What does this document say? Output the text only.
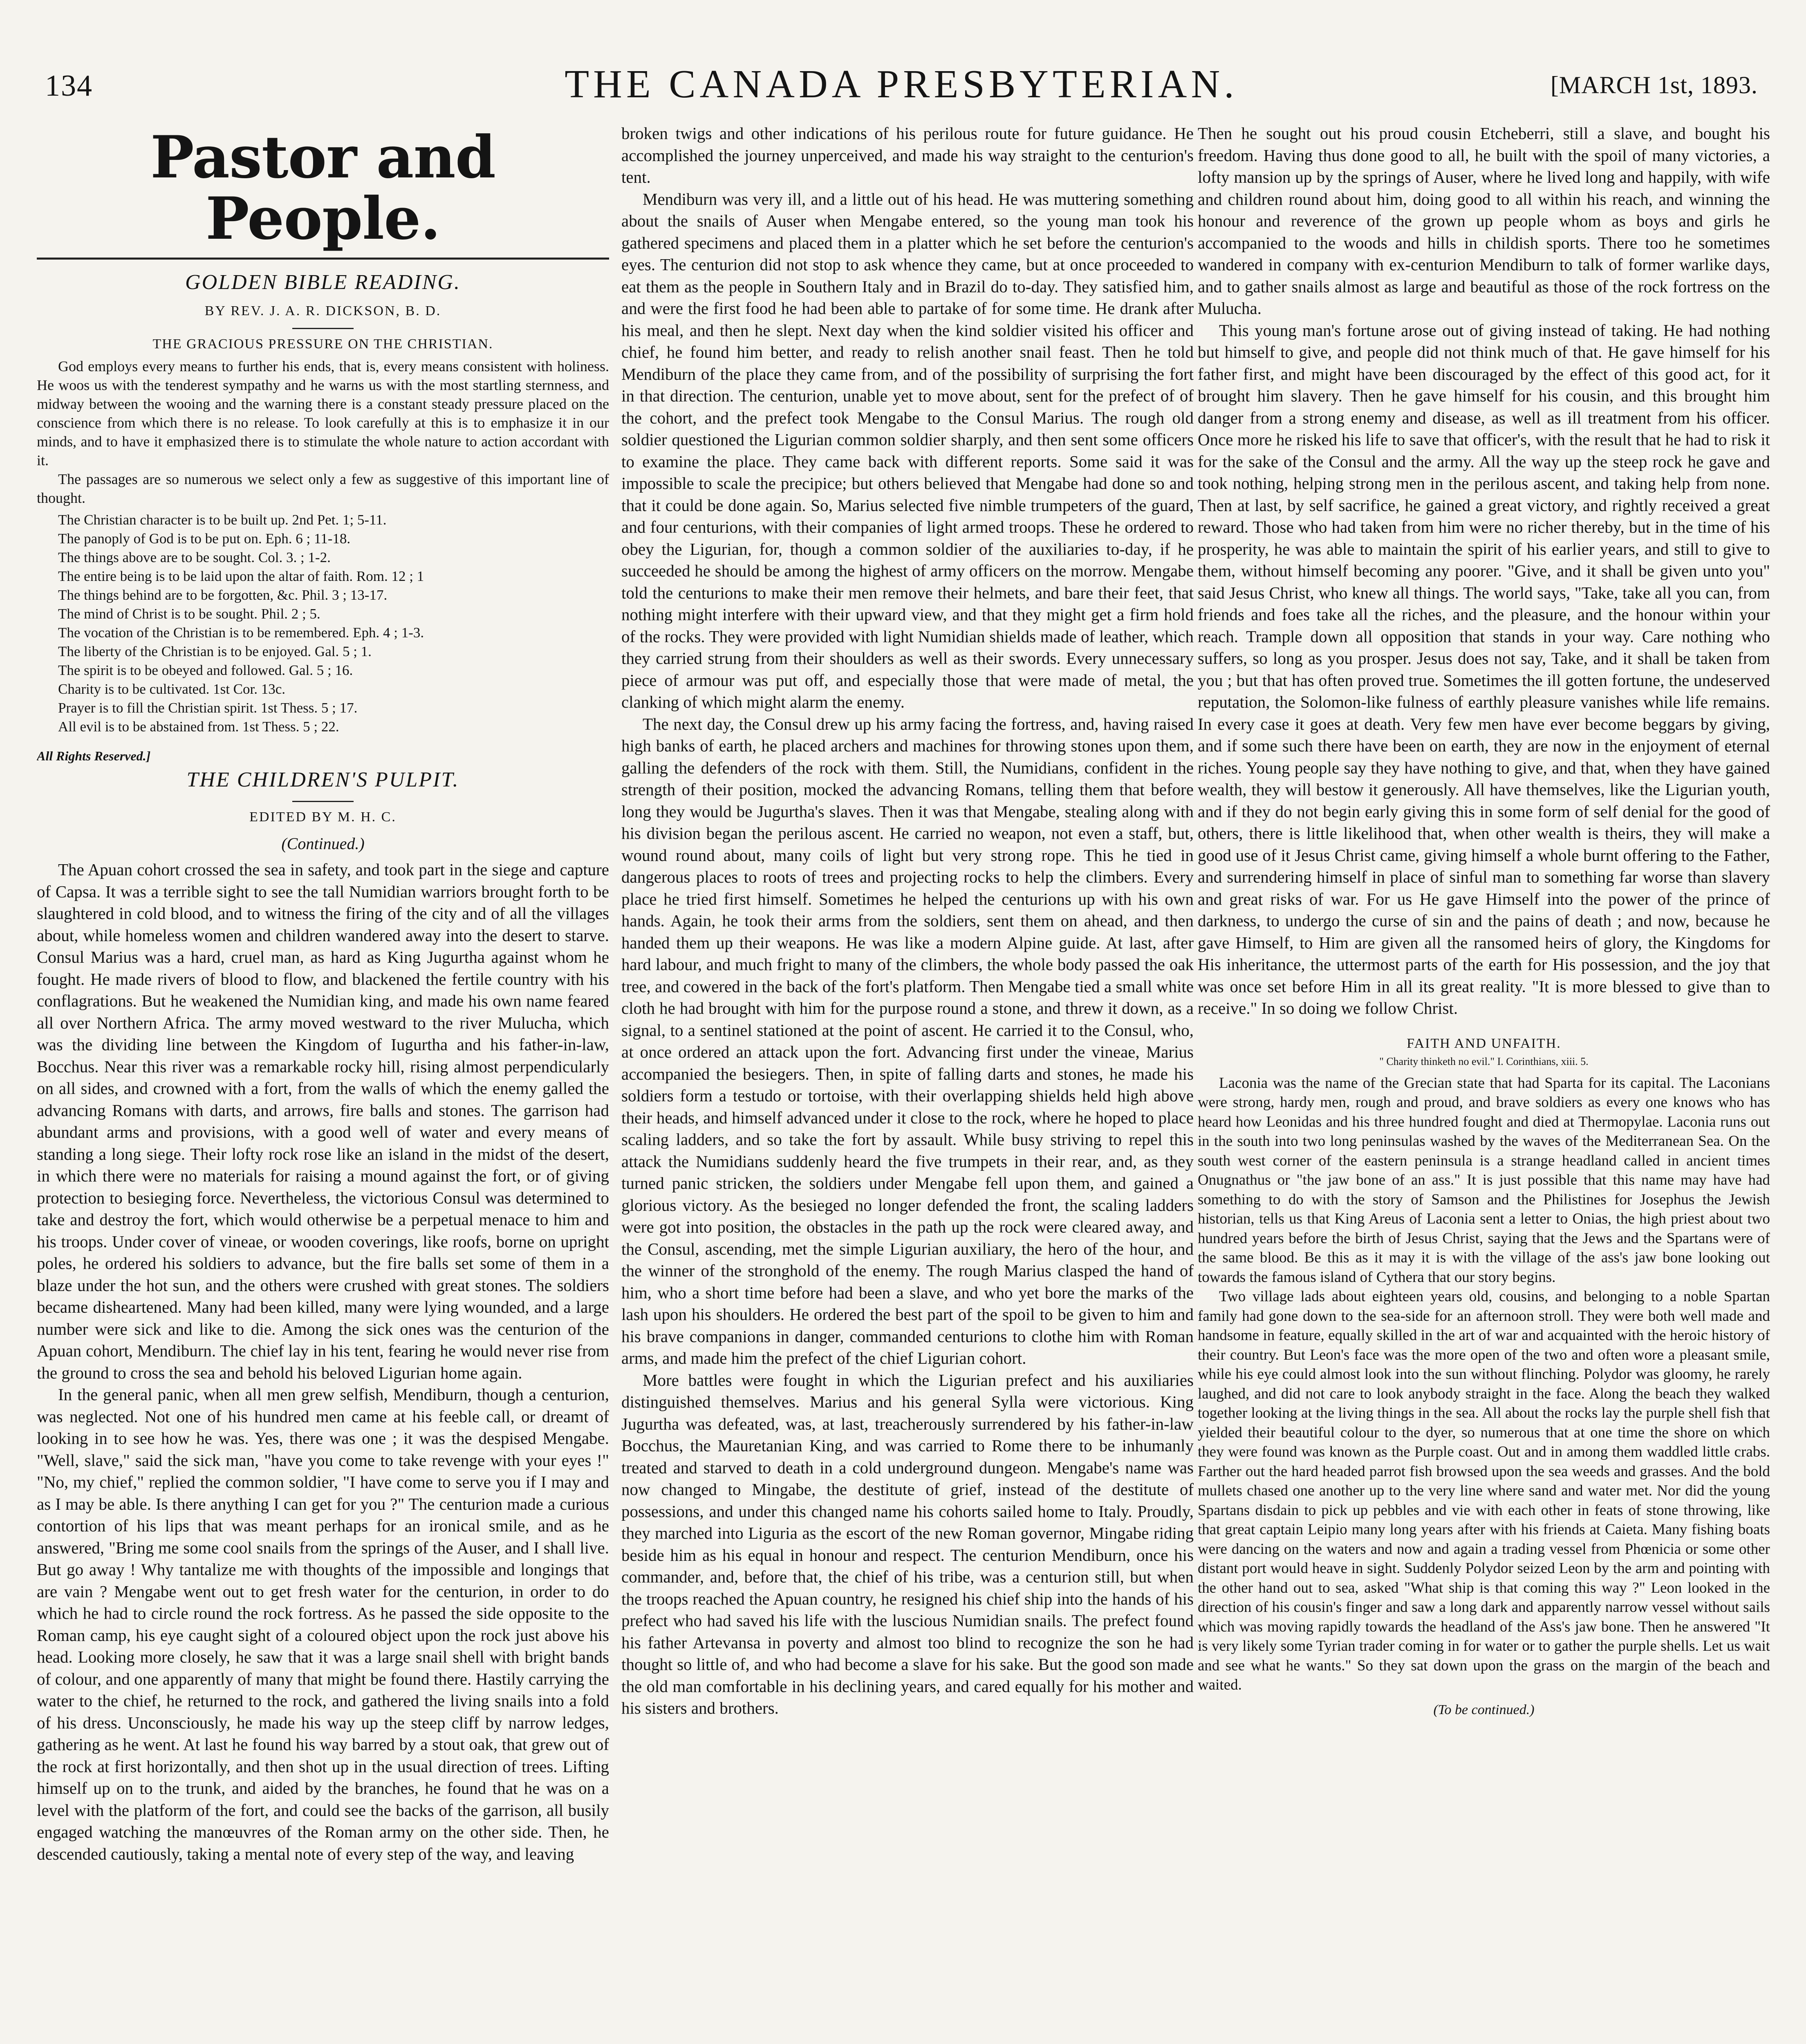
134	THE CANADA PRESBYTERIAN.	[MARCH 1st, 1893.
Pastor and People.
GOLDEN BIBLE READING.
BY REV. J. A. R. DICKSON, B. D.
THE GRACIOUS PRESSURE ON THE CHRISTIAN.

God employs every means to further his ends, that is, every means consistent with holiness. He woos us with the tenderest sympathy and he warns us with the most startling sternness, and midway between the wooing and the warning there is a constant steady pressure placed on the conscience from which there is no release. To look carefully at this is to emphasize it in our minds, and to have it emphasized there is to stimulate the whole nature to action accordant with it.

The passages are so numerous we select only a few as suggestive of this important line of thought.

The Christian character is to be built up. 2nd Pet. 1; 5-11.
The panoply of God is to be put on. Eph. 6 ; 11-18.
The things above are to be sought. Col. 3. ; 1-2.
The entire being is to be laid upon the altar of faith. Rom. 12 ; 1
The things behind are to be forgotten, &c. Phil. 3 ; 13-17.
The mind of Christ is to be sought. Phil. 2 ; 5.
The vocation of the Christian is to be remembered. Eph. 4 ; 1-3.
The liberty of the Christian is to be enjoyed. Gal. 5 ; 1.
The spirit is to be obeyed and followed. Gal. 5 ; 16.
Charity is to be cultivated. 1st Cor. 13c.
Prayer is to fill the Christian spirit. 1st Thess. 5 ; 17.
All evil is to be abstained from. 1st Thess. 5 ; 22.
All Rights Reserved.]
THE CHILDREN'S PULPIT.
EDITED BY M. H. C.
(Continued.)

The Apuan cohort crossed the sea in safety, and took part in the siege and capture of Capsa. It was a terrible sight to see the tall Numidian warriors brought forth to be slaughtered in cold blood, and to witness the firing of the city and of all the villages about, while homeless women and children wandered away into the desert to starve. Consul Marius was a hard, cruel man, as hard as King Jugurtha against whom he fought. He made rivers of blood to flow, and blackened the fertile country with his conflagrations. But he weakened the Numidian king, and made his own name feared all over Northern Africa. The army moved westward to the river Mulucha, which was the dividing line between the Kingdom of Iugurtha and his father-in-law, Bocchus. Near this river was a remarkable rocky hill, rising almost perpendicularly on all sides, and crowned with a fort, from the walls of which the enemy galled the advancing Romans with darts, and arrows, fire balls and stones. The garrison had abundant arms and provisions, with a good well of water and every means of standing a long siege. Their lofty rock rose like an island in the midst of the desert, in which there were no materials for raising a mound against the fort, or of giving protection to besieging force. Nevertheless, the victorious Consul was determined to take and destroy the fort, which would otherwise be a perpetual menace to him and his troops. Under cover of vineae, or wooden coverings, like roofs, borne on upright poles, he ordered his soldiers to advance, but the fire balls set some of them in a blaze under the hot sun, and the others were crushed with great stones. The soldiers became disheartened. Many had been killed, many were lying wounded, and a large number were sick and like to die. Among the sick ones was the centurion of the Apuan cohort, Mendiburn. The chief lay in his tent, fearing he would never rise from the ground to cross the sea and behold his beloved Ligurian home again.

In the general panic, when all men grew selfish, Mendiburn, though a centurion, was neglected. Not one of his hundred men came at his feeble call, or dreamt of looking in to see how he was. Yes, there was one ; it was the despised Mengabe. "Well, slave," said the sick man, "have you come to take revenge with your eyes !" "No, my chief," replied the common soldier, "I have come to serve you if I may and as I may be able. Is there anything I can get for you ?" The centurion made a curious contortion of his lips that was meant perhaps for an ironical smile, and as he answered, "Bring me some cool snails from the springs of the Auser, and I shall live. But go away ! Why tantalize me with thoughts of the impossible and longings that are vain ? Mengabe went out to get fresh water for the centurion, in order to do which he had to circle round the rock fortress. As he passed the side opposite to the Roman camp, his eye caught sight of a coloured object upon the rock just above his head. Looking more closely, he saw that it was a large snail shell with bright bands of colour, and one apparently of many that might be found there. Hastily carrying the water to the chief, he returned to the rock, and gathered the living snails into a fold of his dress. Unconsciously, he made his way up the steep cliff by narrow ledges, gathering as he went. At last he found his way barred by a stout oak, that grew out of the rock at first horizontally, and then shot up in the usual direction of trees. Lifting himself up on to the trunk, and aided by the branches, he found that he was on a level with the platform of the fort, and could see the backs of the garrison, all busily engaged watching the manœuvres of the Roman army on the other side. Then, he descended cautiously, taking a mental note of every step of the way, and leaving

broken twigs and other indications of his perilous route for future guidance. He accomplished the journey unperceived, and made his way straight to the centurion's tent.

Mendiburn was very ill, and a little out of his head. He was muttering something about the snails of Auser when Mengabe entered, so the young man took his gathered specimens and placed them in a platter which he set before the centurion's eyes. The centurion did not stop to ask whence they came, but at once proceeded to eat them as the people in Southern Italy and in Brazil do to-day. They satisfied him, and were the first food he had been able to partake of for some time. He drank after his meal, and then he slept. Next day when the kind soldier visited his officer and chief, he found him better, and ready to relish another snail feast. Then he told Mendiburn of the place they came from, and of the possibility of surprising the fort in that direction. The centurion, unable yet to move about, sent for the prefect of of the cohort, and the prefect took Mengabe to the Consul Marius. The rough old soldier questioned the Ligurian common soldier sharply, and then sent some officers to examine the place. They came back with different reports. Some said it was impossible to scale the precipice; but others believed that Mengabe had done so and that it could be done again. So, Marius selected five nimble trumpeters of the guard, and four centurions, with their companies of light armed troops. These he ordered to obey the Ligurian, for, though a common soldier of the auxiliaries to-day, if he succeeded he should be among the highest of army officers on the morrow. Mengabe told the centurions to make their men remove their helmets, and bare their feet, that nothing might interfere with their upward view, and that they might get a firm hold of the rocks. They were provided with light Numidian shields made of leather, which they carried strung from their shoulders as well as their swords. Every unnecessary piece of armour was put off, and especially those that were made of metal, the clanking of which might alarm the enemy.

The next day, the Consul drew up his army facing the fortress, and, having raised high banks of earth, he placed archers and machines for throwing stones upon them, galling the defenders of the rock with them. Still, the Numidians, confident in the strength of their position, mocked the advancing Romans, telling them that before long they would be Jugurtha's slaves. Then it was that Mengabe, stealing along with his division began the perilous ascent. He carried no weapon, not even a staff, but, wound round about, many coils of light but very strong rope. This he tied in dangerous places to roots of trees and projecting rocks to help the climbers. Every place he tried first himself. Sometimes he helped the centurions up with his own hands. Again, he took their arms from the soldiers, sent them on ahead, and then handed them up their weapons. He was like a modern Alpine guide. At last, after hard labour, and much fright to many of the climbers, the whole body passed the oak tree, and cowered in the back of the fort's platform. Then Mengabe tied a small white cloth he had brought with him for the purpose round a stone, and threw it down, as a signal, to a sentinel stationed at the point of ascent. He carried it to the Consul, who, at once ordered an attack upon the fort. Advancing first under the vineae, Marius accompanied the besiegers. Then, in spite of falling darts and stones, he made his soldiers form a testudo or tortoise, with their overlapping shields held high above their heads, and himself advanced under it close to the rock, where he hoped to place scaling ladders, and so take the fort by assault. While busy striving to repel this attack the Numidians suddenly heard the five trumpets in their rear, and, as they turned panic stricken, the soldiers under Mengabe fell upon them, and gained a glorious victory. As the besieged no longer defended the front, the scaling ladders were got into position, the obstacles in the path up the rock were cleared away, and the Consul, ascending, met the simple Ligurian auxiliary, the hero of the hour, and the winner of the stronghold of the enemy. The rough Marius clasped the hand of him, who a short time before had been a slave, and who yet bore the marks of the lash upon his shoulders. He ordered the best part of the spoil to be given to him and his brave companions in danger, commanded centurions to clothe him with Roman arms, and made him the prefect of the chief Ligurian cohort.

More battles were fought in which the Ligurian prefect and his auxiliaries distinguished themselves. Marius and his general Sylla were victorious. King Jugurtha was defeated, was, at last, treacherously surrendered by his father-in-law Bocchus, the Mauretanian King, and was carried to Rome there to be inhumanly treated and starved to death in a cold underground dungeon. Mengabe's name was now changed to Mingabe, the destitute of grief, instead of the destitute of possessions, and under this changed name his cohorts sailed home to Italy. Proudly, they marched into Liguria as the escort of the new Roman governor, Mingabe riding beside him as his equal in honour and respect. The centurion Mendiburn, once his commander, and, before that, the chief of his tribe, was a centurion still, but when the troops reached the Apuan country, he resigned his chief ship into the hands of his prefect who had saved his life with the luscious Numidian snails. The prefect found his father Artevansa in poverty and almost too blind to recognize the son he had thought so little of, and who had become a slave for his sake. But the good son made the old man comfortable in his declining years, and cared equally for his mother and his sisters and brothers.

Then he sought out his proud cousin Etcheberri, still a slave, and bought his freedom. Having thus done good to all, he built with the spoil of many victories, a lofty mansion up by the springs of Auser, where he lived long and happily, with wife and children round about him, doing good to all within his reach, and winning the honour and reverence of the grown up people whom as boys and girls he accompanied to the woods and hills in childish sports. There too he sometimes wandered in company with ex-centurion Mendiburn to talk of former warlike days, and to gather snails almost as large and beautiful as those of the rock fortress on the Mulucha.

This young man's fortune arose out of giving instead of taking. He had nothing but himself to give, and people did not think much of that. He gave himself for his father first, and might have been discouraged by the effect of this good act, for it brought him slavery. Then he gave himself for his cousin, and this brought him danger from a strong enemy and disease, as well as ill treatment from his officer. Once more he risked his life to save that officer's, with the result that he had to risk it for the sake of the Consul and the army. All the way up the steep rock he gave and took nothing, helping strong men in the perilous ascent, and taking help from none. Then at last, by self sacrifice, he gained a great victory, and rightly received a great reward. Those who had taken from him were no richer thereby, but in the time of his prosperity, he was able to maintain the spirit of his earlier years, and still to give to them, without himself becoming any poorer. "Give, and it shall be given unto you" said Jesus Christ, who knew all things. The world says, "Take, take all you can, from friends and foes take all the riches, and the pleasure, and the honour within your reach. Trample down all opposition that stands in your way. Care nothing who suffers, so long as you prosper. Jesus does not say, Take, and it shall be taken from you ; but that has often proved true. Sometimes the ill gotten fortune, the undeserved reputation, the Solomon-like fulness of earthly pleasure vanishes while life remains. In every case it goes at death. Very few men have ever become beggars by giving, and if some such there have been on earth, they are now in the enjoyment of eternal riches. Young people say they have nothing to give, and that, when they have gained wealth, they will bestow it generously. All have themselves, like the Ligurian youth, and if they do not begin early giving this in some form of self denial for the good of others, there is little likelihood that, when other wealth is theirs, they will make a good use of it Jesus Christ came, giving himself a whole burnt offering to the Father, and surrendering himself in place of sinful man to something far worse than slavery and great risks of war. For us He gave Himself into the power of the prince of darkness, to undergo the curse of sin and the pains of death ; and now, because he gave Himself, to Him are given all the ransomed heirs of glory, the Kingdoms for His inheritance, the uttermost parts of the earth for His possession, and the joy that was once set before Him in all its great reality. "It is more blessed to give than to receive." In so doing we follow Christ.

FAITH AND UNFAITH.
" Charity thinketh no evil." I. Corinthians, xiii. 5.

Laconia was the name of the Grecian state that had Sparta for its capital. The Laconians were strong, hardy men, rough and proud, and brave soldiers as every one knows who has heard how Leonidas and his three hundred fought and died at Thermopylae. Laconia runs out in the south into two long peninsulas washed by the waves of the Mediterranean Sea. On the south west corner of the eastern peninsula is a strange headland called in ancient times Onugnathus or "the jaw bone of an ass." It is just possible that this name may have had something to do with the story of Samson and the Philistines for Josephus the Jewish historian, tells us that King Areus of Laconia sent a letter to Onias, the high priest about two hundred years before the birth of Jesus Christ, saying that the Jews and the Spartans were of the same blood. Be this as it may it is with the village of the ass's jaw bone looking out towards the famous island of Cythera that our story begins.

Two village lads about eighteen years old, cousins, and belonging to a noble Spartan family had gone down to the sea-side for an afternoon stroll. They were both well made and handsome in feature, equally skilled in the art of war and acquainted with the heroic history of their country. But Leon's face was the more open of the two and often wore a pleasant smile, while his eye could almost look into the sun without flinching. Polydor was gloomy, he rarely laughed, and did not care to look anybody straight in the face. Along the beach they walked together looking at the living things in the sea. All about the rocks lay the purple shell fish that yielded their beautiful colour to the dyer, so numerous that at one time the shore on which they were found was known as the Purple coast. Out and in among them waddled little crabs. Farther out the hard headed parrot fish browsed upon the sea weeds and grasses. And the bold mullets chased one another up to the very line where sand and water met. Nor did the young Spartans disdain to pick up pebbles and vie with each other in feats of stone throwing, like that great captain Leipio many long years after with his friends at Caieta. Many fishing boats were dancing on the waters and now and again a trading vessel from Phœnicia or some other distant port would heave in sight. Suddenly Polydor seized Leon by the arm and pointing with the other hand out to sea, asked "What ship is that coming this way ?" Leon looked in the direction of his cousin's finger and saw a long dark and apparently narrow vessel without sails which was moving rapidly towards the headland of the Ass's jaw bone. Then he answered "It is very likely some Tyrian trader coming in for water or to gather the purple shells. Let us wait and see what he wants." So they sat down upon the grass on the margin of the beach and waited.

(To be continued.)
